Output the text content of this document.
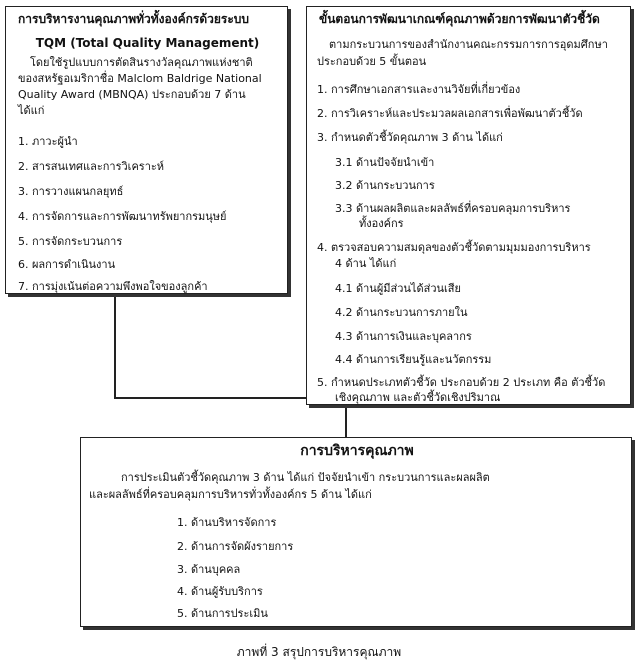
การบริหารงานคุณภาพทั่วทั้งองค์กรด้วยระบบ
TQM (Total Quality Management)
โดยใช้รูปแบบการตัดสินรางวัลคุณภาพแห่งชาติ
ของสหรัฐอเมริกาชื่อ Malclom Baldrige National
Quality Award (MBNQA) ประกอบด้วย 7 ด้าน
ได้แก่
1. ภาวะผู้นำ
2. สารสนเทศและการวิเคราะห์
3. การวางแผนกลยุทธ์
4. การจัดการและการพัฒนาทรัพยากรมนุษย์
5. การจัดกระบวนการ
6. ผลการดำเนินงาน
7. การมุ่งเน้นต่อความพึงพอใจของลูกค้า
ขั้นตอนการพัฒนาเกณฑ์คุณภาพด้วยการพัฒนาตัวชี้วัด
ตามกระบวนการของสำนักงานคณะกรรมการการอุดมศึกษา
ประกอบด้วย 5 ขั้นตอน
1. การศึกษาเอกสารและงานวิจัยที่เกี่ยวข้อง
2. การวิเคราะห์และประมวลผลเอกสารเพื่อพัฒนาตัวชี้วัด
3. กำหนดตัวชี้วัดคุณภาพ 3 ด้าน ได้แก่
3.1 ด้านปัจจัยนำเข้า
3.2 ด้านกระบวนการ
3.3 ด้านผลผลิตและผลลัพธ์ที่ครอบคลุมการบริหาร
ทั้งองค์กร
4. ตรวจสอบความสมดุลของตัวชี้วัดตามมุมมองการบริหาร
4 ด้าน ได้แก่
4.1 ด้านผู้มีส่วนได้ส่วนเสีย
4.2 ด้านกระบวนการภายใน
4.3 ด้านการเงินและบุคลากร
4.4 ด้านการเรียนรู้และนวัตกรรม
5. กำหนดประเภทตัวชี้วัด ประกอบด้วย 2 ประเภท คือ ตัวชี้วัด
เชิงคุณภาพ และตัวชี้วัดเชิงปริมาณ
การบริหารคุณภาพ
การประเมินตัวชี้วัดคุณภาพ 3 ด้าน ได้แก่ ปัจจัยนำเข้า กระบวนการและผลผลิต
และผลลัพธ์ที่ครอบคลุมการบริหารทั่วทั้งองค์กร 5 ด้าน ได้แก่
1. ด้านบริหารจัดการ
2. ด้านการจัดผังรายการ
3. ด้านบุคคล
4. ด้านผู้รับบริการ
5. ด้านการประเมิน
ภาพที่ 3 สรุปการบริหารคุณภาพ
